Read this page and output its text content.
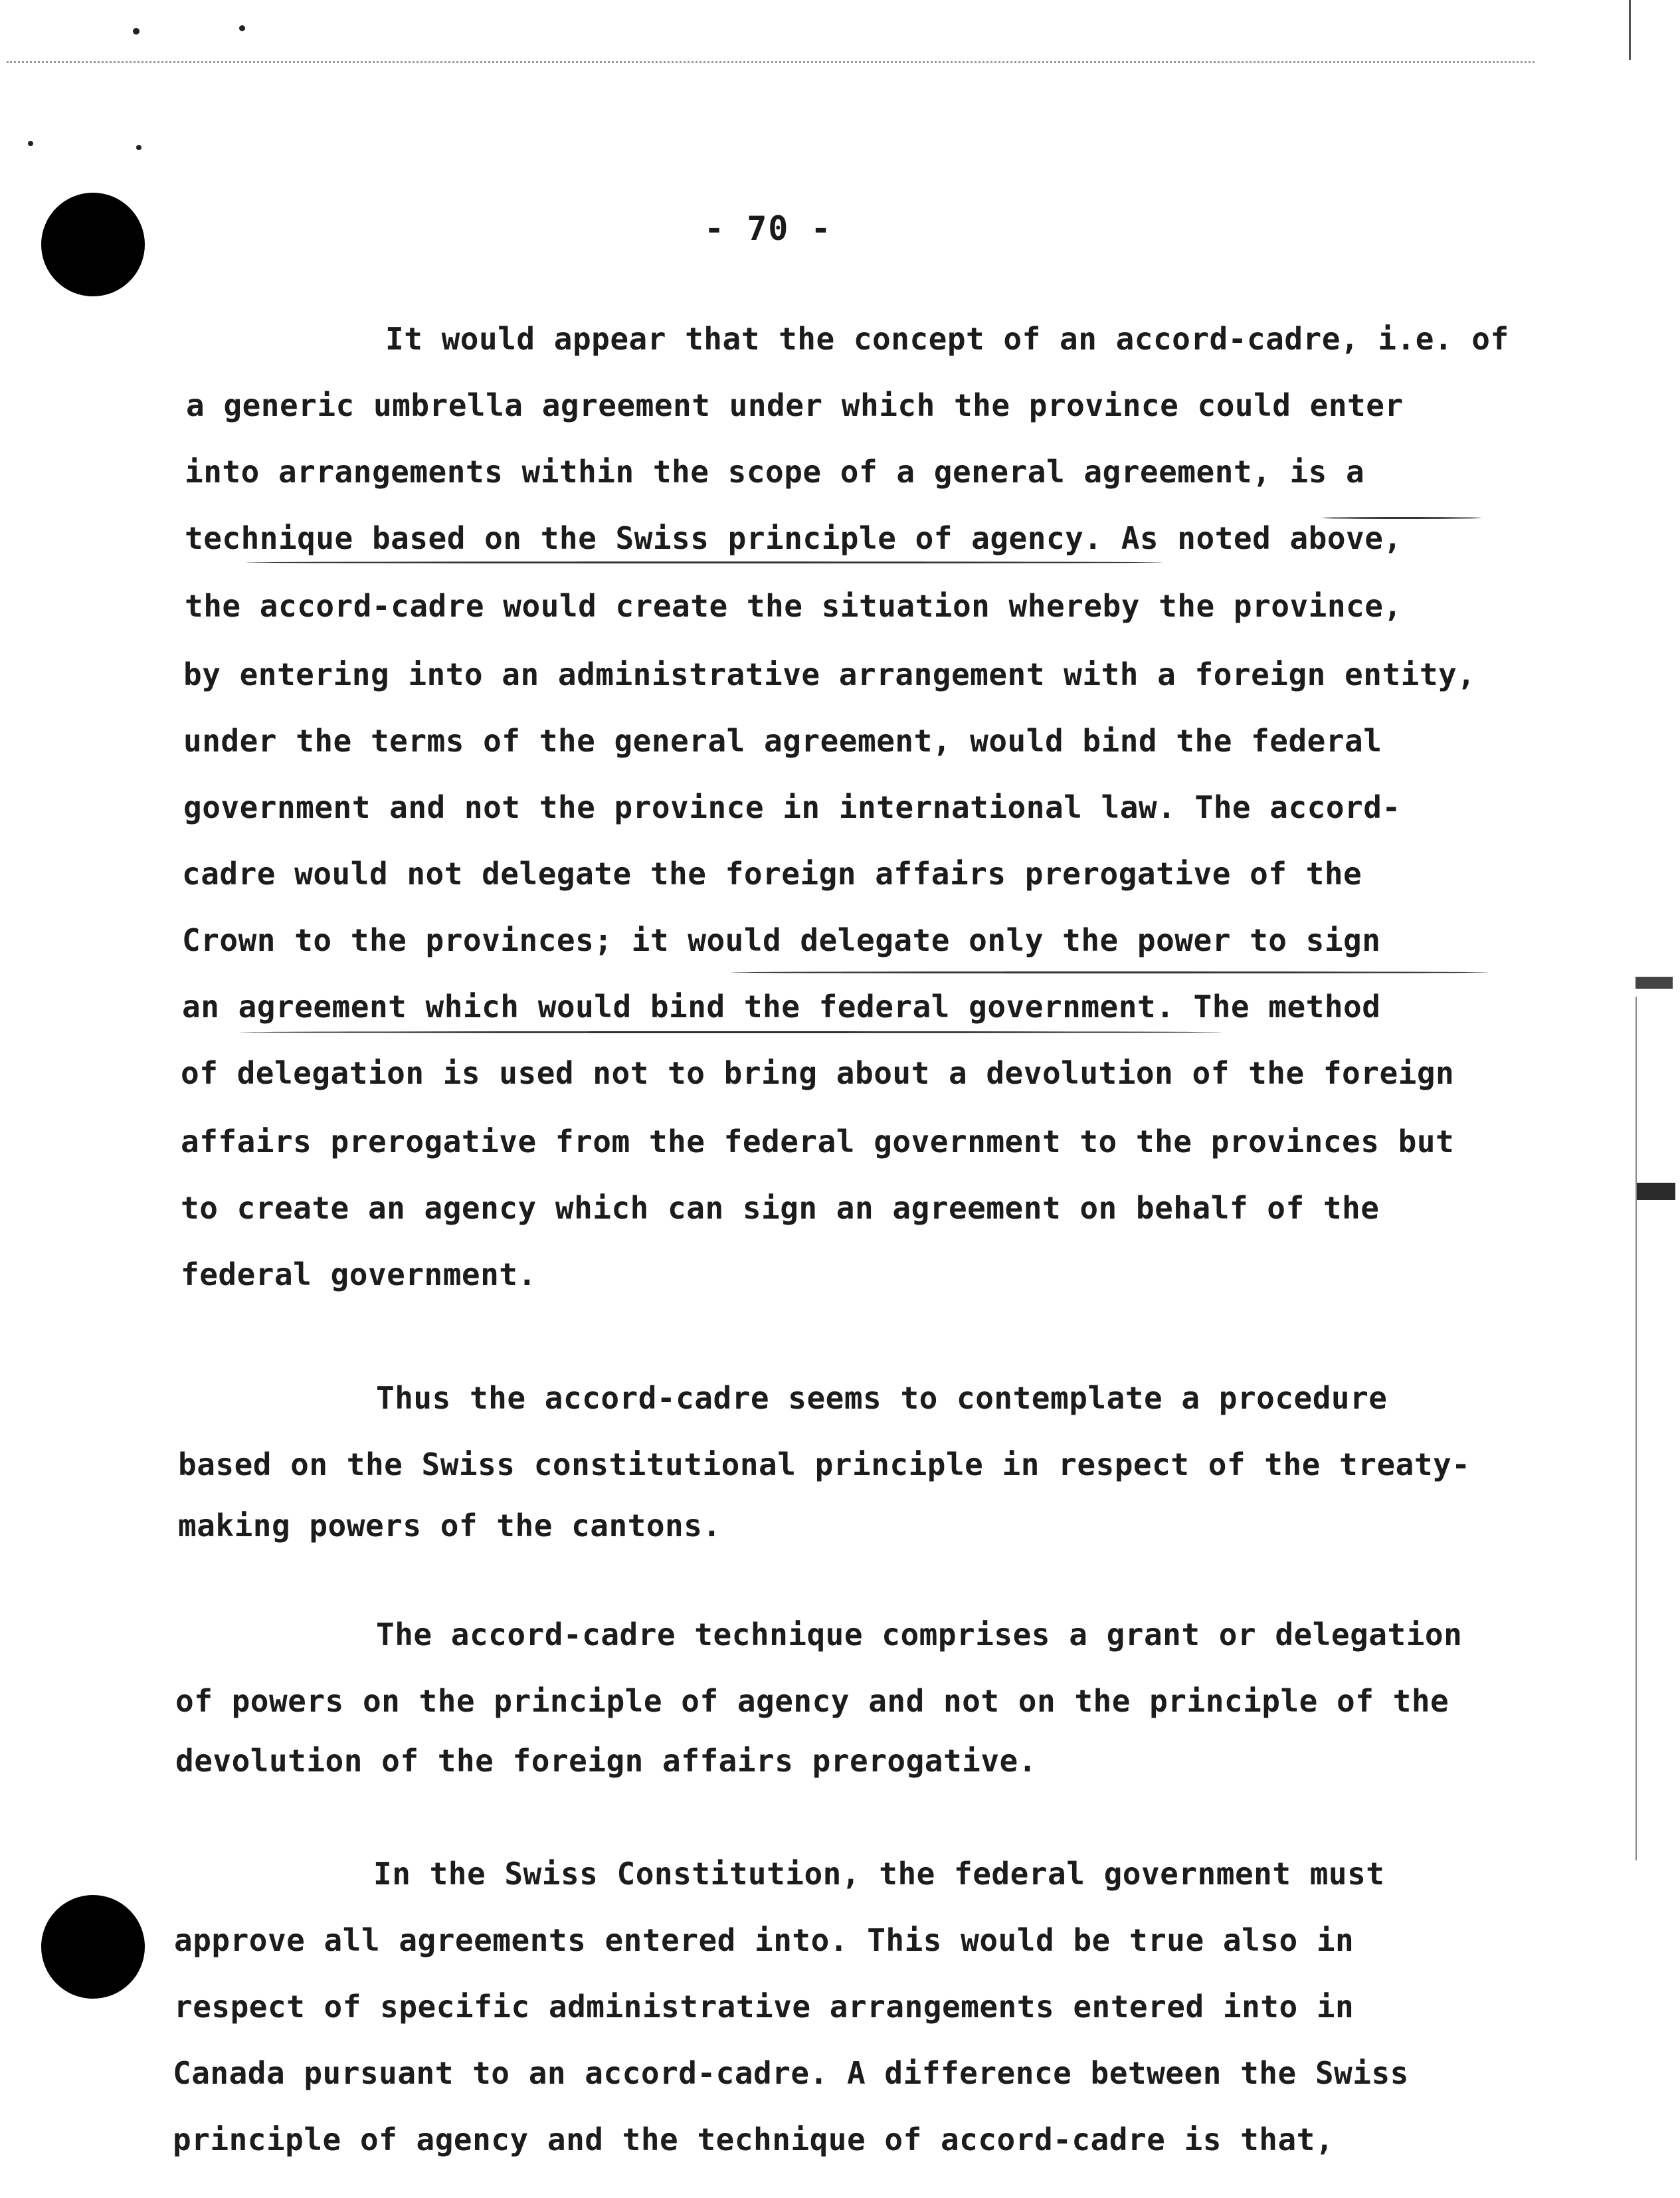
- 70 -
It would appear that the concept of an accord-cadre, i.e. of
a generic umbrella agreement under which the province could enter
into arrangements within the scope of a general agreement, is a
technique based on the Swiss principle of agency. As noted above,
the accord-cadre would create the situation whereby the province,
by entering into an administrative arrangement with a foreign entity,
under the terms of the general agreement, would bind the federal
government and not the province in international law. The accord-
cadre would not delegate the foreign affairs prerogative of the
Crown to the provinces; it would delegate only the power to sign
an agreement which would bind the federal government. The method
of delegation is used not to bring about a devolution of the foreign
affairs prerogative from the federal government to the provinces but
to create an agency which can sign an agreement on behalf of the
federal government.
Thus the accord-cadre seems to contemplate a procedure
based on the Swiss constitutional principle in respect of the treaty-
making powers of the cantons.
The accord-cadre technique comprises a grant or delegation
of powers on the principle of agency and not on the principle of the
devolution of the foreign affairs prerogative.
In the Swiss Constitution, the federal government must
approve all agreements entered into. This would be true also in
respect of specific administrative arrangements entered into in
Canada pursuant to an accord-cadre. A difference between the Swiss
principle of agency and the technique of accord-cadre is that,
